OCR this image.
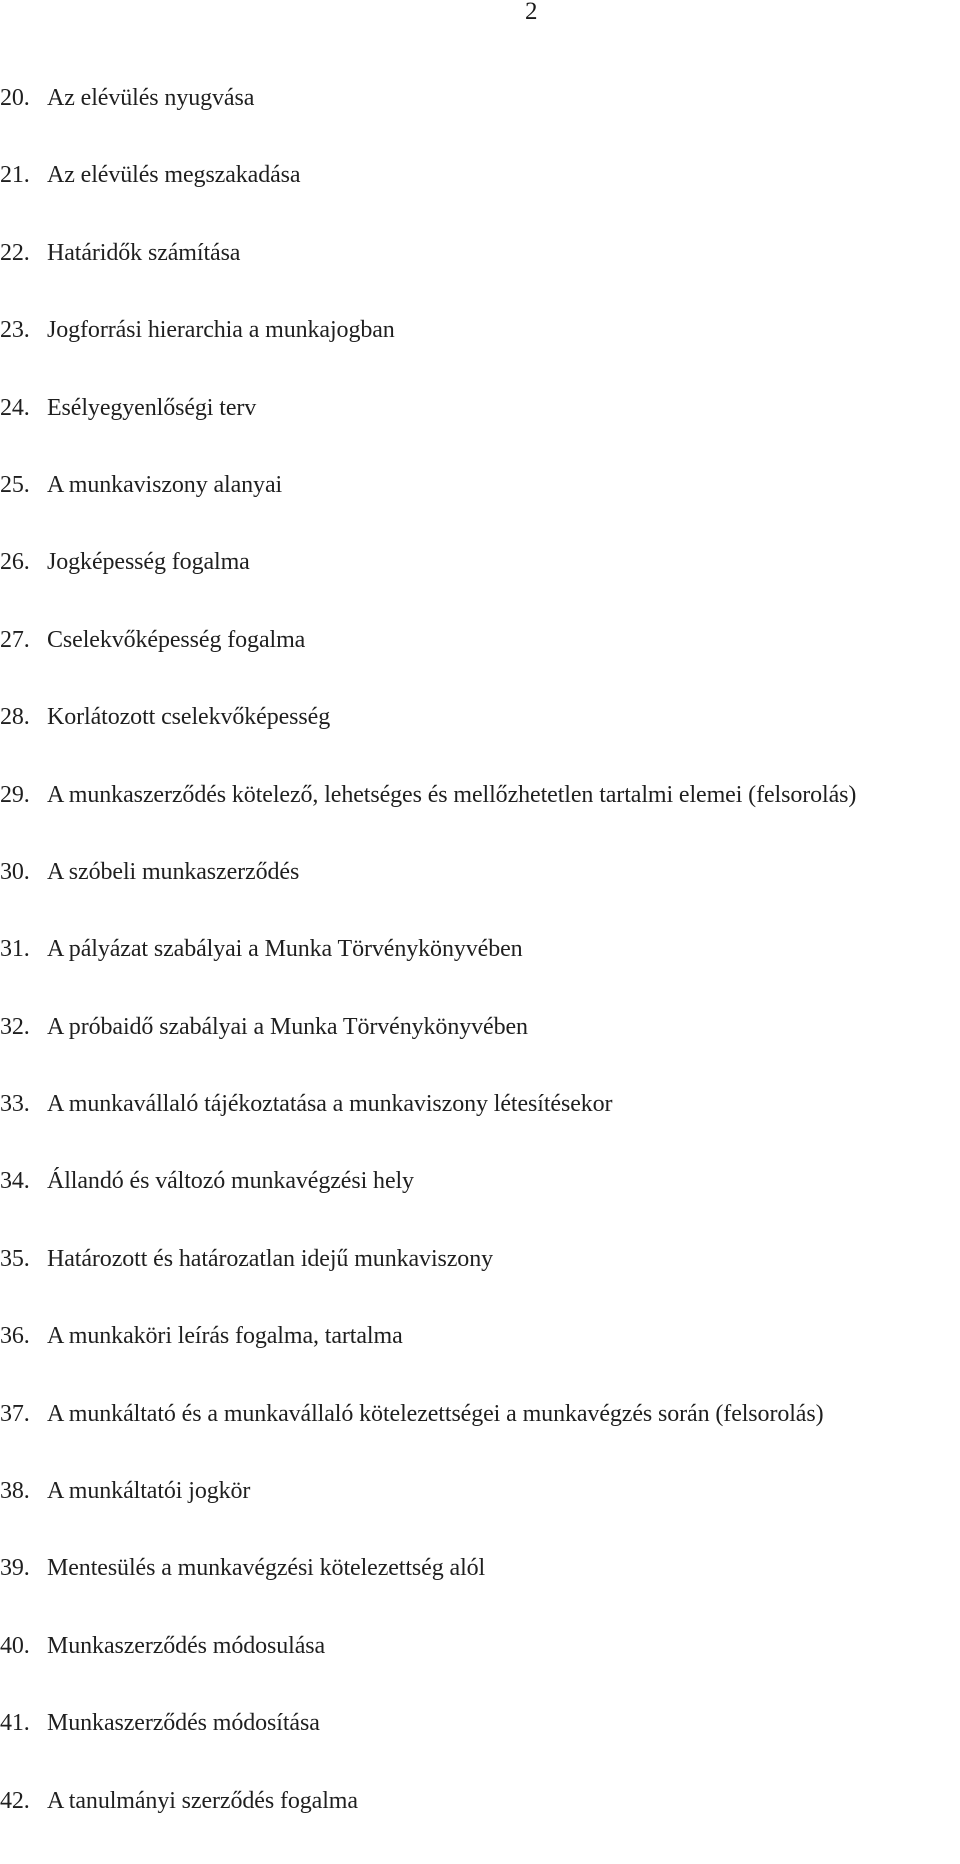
2
20. Az elévülés nyugvása
21. Az elévülés megszakadása
22. Határidők számítása
23. Jogforrási hierarchia a munkajogban
24. Esélyegyenlőségi terv
25. A munkaviszony alanyai
26. Jogképesség fogalma
27. Cselekvőképesség fogalma
28. Korlátozott cselekvőképesség
29. A munkaszerződés kötelező, lehetséges és mellőzhetetlen tartalmi elemei (felsorolás)
30. A szóbeli munkaszerződés
31. A pályázat szabályai a Munka Törvénykönyvében
32. A próbaidő szabályai a Munka Törvénykönyvében
33. A munkavállaló tájékoztatása a munkaviszony létesítésekor
34. Állandó és változó munkavégzési hely
35. Határozott és határozatlan idejű munkaviszony
36. A munkaköri leírás fogalma, tartalma
37. A munkáltató és a munkavállaló kötelezettségei a munkavégzés során (felsorolás)
38. A munkáltatói jogkör
39. Mentesülés a munkavégzési kötelezettség alól
40. Munkaszerződés módosulása
41. Munkaszerződés módosítása
42. A tanulmányi szerződés fogalma
